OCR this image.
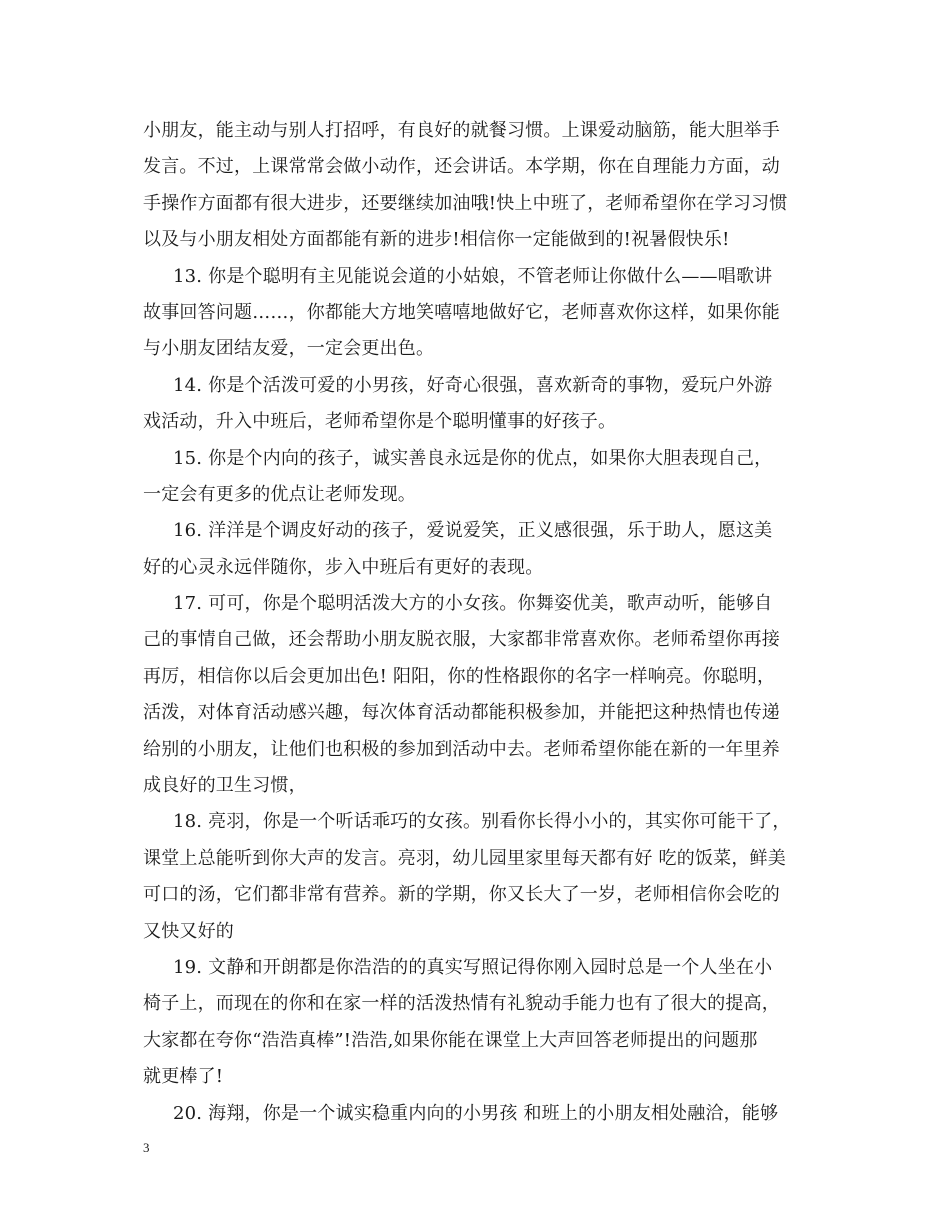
小朋友，能主动与别人打招呼，有良好的就餐习惯。上课爱动脑筋，能大胆举手
发言。不过，上课常常会做小动作，还会讲话。本学期，你在自理能力方面，动
手操作方面都有很大进步，还要继续加油哦!快上中班了，老师希望你在学习习惯
以及与小朋友相处方面都能有新的进步!相信你一定能做到的!祝暑假快乐!
13. 你是个聪明有主见能说会道的小姑娘，不管老师让你做什么——唱歌讲
故事回答问题……，你都能大方地笑嘻嘻地做好它，老师喜欢你这样，如果你能
与小朋友团结友爱，一定会更出色。
14. 你是个活泼可爱的小男孩，好奇心很强，喜欢新奇的事物，爱玩户外游
戏活动，升入中班后，老师希望你是个聪明懂事的好孩子。
15. 你是个内向的孩子，诚实善良永远是你的优点，如果你大胆表现自己，
一定会有更多的优点让老师发现。
16. 洋洋是个调皮好动的孩子，爱说爱笑，正义感很强，乐于助人，愿这美
好的心灵永远伴随你，步入中班后有更好的表现。
17. 可可，你是个聪明活泼大方的小女孩。你舞姿优美，歌声动听，能够自
己的事情自己做，还会帮助小朋友脱衣服，大家都非常喜欢你。老师希望你再接
再厉，相信你以后会更加出色! 阳阳，你的性格跟你的名字一样响亮。你聪明，
活泼，对体育活动感兴趣，每次体育活动都能积极参加，并能把这种热情也传递
给别的小朋友，让他们也积极的参加到活动中去。老师希望你能在新的一年里养
成良好的卫生习惯，
18. 亮羽，你是一个听话乖巧的女孩。别看你长得小小的，其实你可能干了，
课堂上总能听到你大声的发言。亮羽，幼儿园里家里每天都有好 吃的饭菜，鲜美
可口的汤，它们都非常有营养。新的学期，你又长大了一岁，老师相信你会吃的
又快又好的
19. 文静和开朗都是你浩浩的的真实写照记得你刚入园时总是一个人坐在小
椅子上，而现在的你和在家一样的活泼热情有礼貌动手能力也有了很大的提高，
大家都在夸你“浩浩真棒”!浩浩,如果你能在课堂上大声回答老师提出的问题那
就更棒了!
20. 海翔，你是一个诚实稳重内向的小男孩 和班上的小朋友相处融洽，能够
3
